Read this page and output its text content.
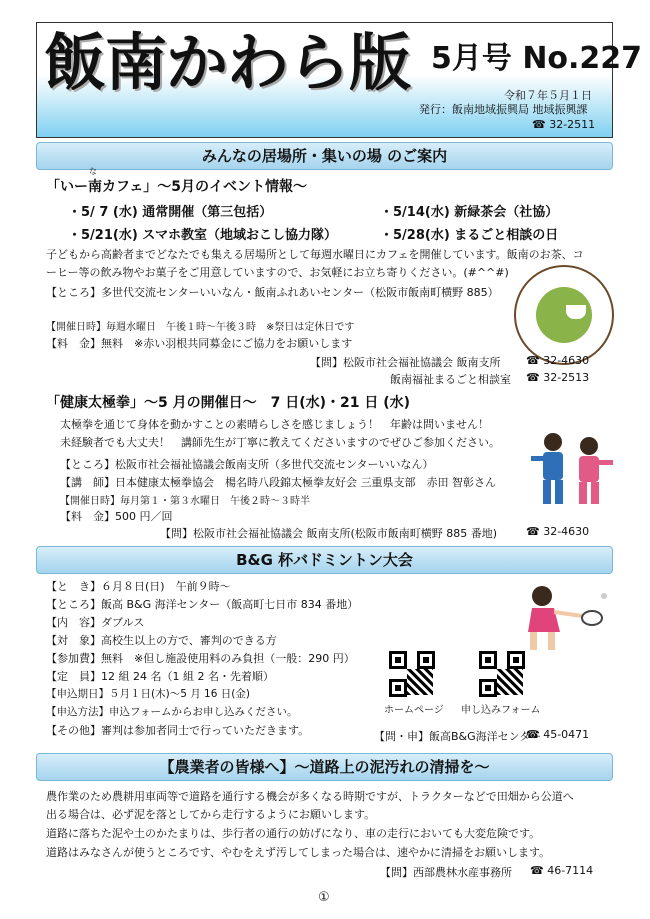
飯南かわら版 5月号 No.227
令和７年５月１日
発行：飯南地域振興局 地域振興課
☎ 32-2511
みんなの居場所・集いの場 のご案内
な
「いー南カフェ」～5月のイベント情報～
・5/ 7 (水) 通常開催（第三包括）	・5/14(水) 新緑茶会（社協）
・5/21(水) スマホ教室（地域おこし協力隊）	・5/28(水) まるごと相談の日
子どもから高齢者までどなたでも集える居場所として毎週水曜日にカフェを開催しています。飯南のお茶、コ
ーヒー等の飲み物やお菓子をご用意していますので、お気軽にお立ち寄りください。(#^^#)
【ところ】多世代交流センターいいなん・飯南ふれあいセンター（松阪市飯南町横野 885）
【開催日時】毎週水曜日　午後１時～午後３時　※祭日は定休日です
【料　金】無料　※赤い羽根共同募金にご協力をお願いします
【問】松阪市社会福祉協議会 飯南支所 ☎ 32-4630
飯南福祉まるごと相談室 ☎ 32-2513
「健康太極拳」～5 月の開催日～　7 日(水)・21 日 (水)
太極拳を通じて身体を動かすことの素晴らしさを感じましょう！　年齢は問いません！
未経験者でも大丈夫！　講師先生が丁寧に教えてくださいますのでぜひご参加ください。
【ところ】松阪市社会福祉協議会飯南支所（多世代交流センターいいなん）
【講　師】日本健康太極拳協会　楊名時八段錦太極拳友好会 三重県支部　赤田 智彰さん
【開催日時】毎月第１・第３水曜日　午後２時～３時半
【料　金】500 円／回
【問】松阪市社会福祉協議会 飯南支所(松阪市飯南町横野 885 番地)	☎ 32-4630
B&G 杯バドミントン大会
【と　き】６月８日(日)　午前９時～
【ところ】飯高 B&G 海洋センター（飯高町七日市 834 番地）
【内　容】ダブルス
【対　象】高校生以上の方で、審判のできる方
【参加費】無料　※但し施設使用料のみ負担（一般：290 円）
【定　員】12 組 24 名（1 組 2 名・先着順）
【申込期日】５月１日(木)～5 月 16 日(金)
【申込方法】申込フォームからお申し込みください。
【その他】審判は参加者同士で行っていただきます。
ホームページ 申し込みフォーム
【問・申】飯高B&G海洋センター
☎ 45-0471
【農業者の皆様へ】～道路上の泥汚れの清掃を～
農作業のため農耕用車両等で道路を通行する機会が多くなる時期ですが、トラクターなどで田畑から公道へ
出る場合は、必ず泥を落としてから走行するようにお願いします。
道路に落ちた泥や土のかたまりは、歩行者の通行の妨げになり、車の走行においても大変危険です。
道路はみなさんが使うところです、やむをえず汚してしまった場合は、速やかに清掃をお願いします。
【問】西部農林水産事務所 ☎ 46-7114
①
